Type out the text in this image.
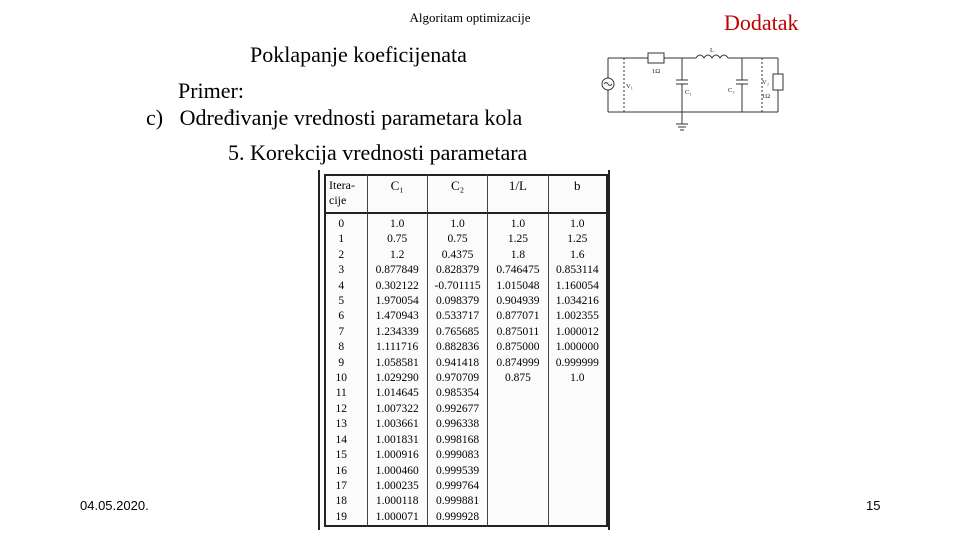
Algoritam optimizacije	Dodatak
Poklapanje koeficijenata
Primer:
c)   Određivanje vrednosti parametara kola
5. Korekcija vrednosti parametara
1Ω
L
1Ω
V₁
C₁	C₂
V₂
Itera-
cije	C₁	C₂	1/L	b
0	1.0	1.0	1.0	1.0
1	0.75	0.75	1.25	1.25
2	1.2	0.4375	1.8	1.6
3	0.877849	0.828379	0.746475	0.853114
4	0.302122	-0.701115	1.015048	1.160054
5	1.970054	0.098379	0.904939	1.034216
6	1.470943	0.533717	0.877071	1.002355
7	1.234339	0.765685	0.875011	1.000012
8	1.111716	0.882836	0.875000	1.000000
9	1.058581	0.941418	0.874999	0.999999
10	1.029290	0.970709	0.875	1.0
11	1.014645	0.985354		
12	1.007322	0.992677		
13	1.003661	0.996338		
14	1.001831	0.998168		
15	1.000916	0.999083		
16	1.000460	0.999539		
17	1.000235	0.999764		
18	1.000118	0.999881		
19	1.000071	0.999928		
04.05.2020.	15
